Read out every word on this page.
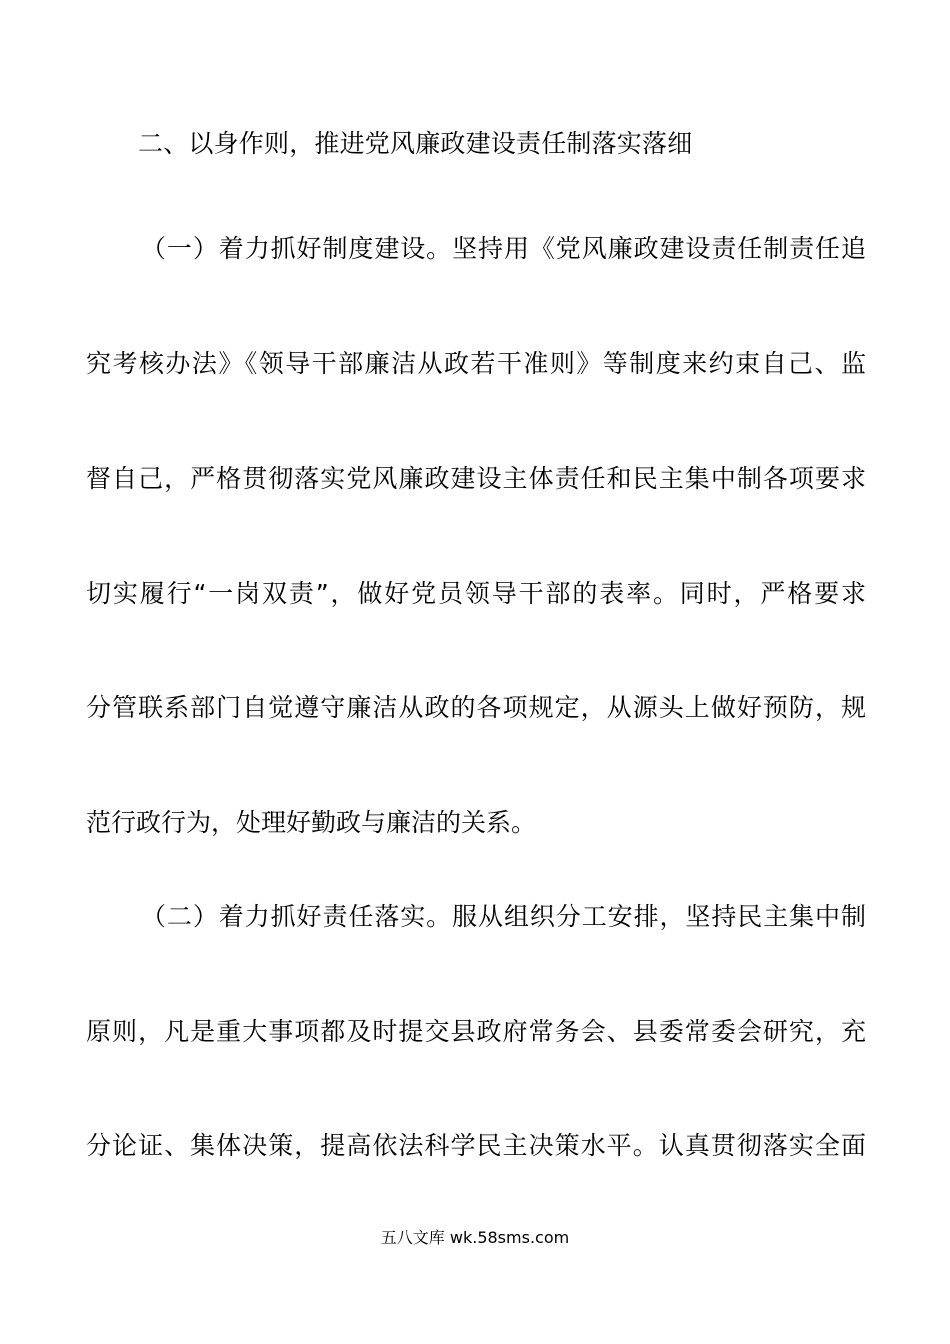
二、以身作则，推进党风廉政建设责任制落实落细
（一）着力抓好制度建设。坚持用《党风廉政建设责任制责任追
究考核办法》《领导干部廉洁从政若干准则》等制度来约束自己、监
督自己，严格贯彻落实党风廉政建设主体责任和民主集中制各项要求
切实履行“一岗双责”，做好党员领导干部的表率。同时，严格要求
分管联系部门自觉遵守廉洁从政的各项规定，从源头上做好预防，规
范行政行为，处理好勤政与廉洁的关系。
（二）着力抓好责任落实。服从组织分工安排，坚持民主集中制
原则，凡是重大事项都及时提交县政府常务会、县委常委会研究，充
分论证、集体决策，提高依法科学民主决策水平。认真贯彻落实全面
五八文库 wk.58sms.com
